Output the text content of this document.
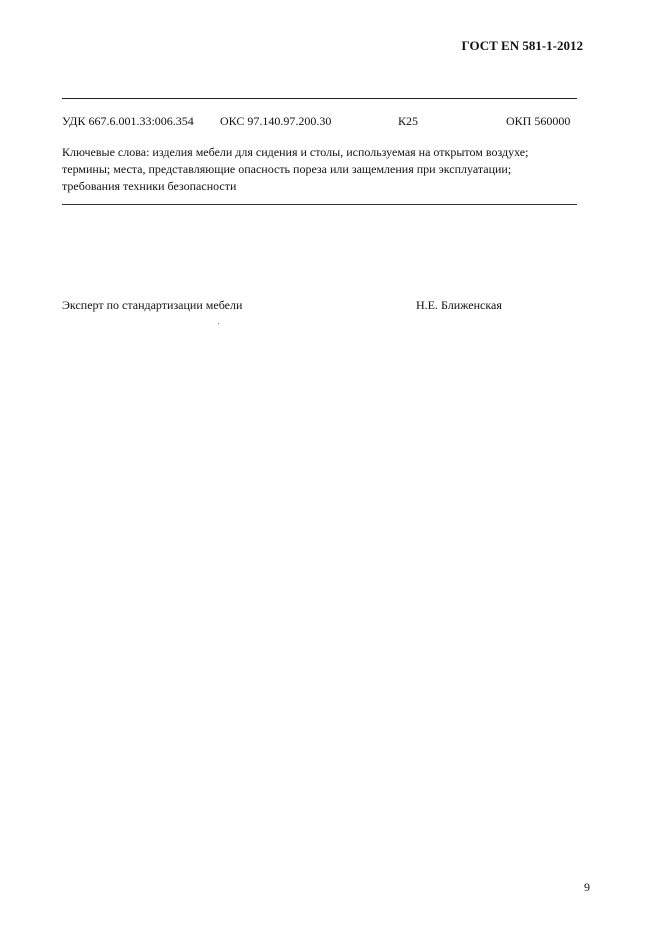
ГОСТ EN 581-1-2012
УДК 667.6.001.33:006.354 ОКС 97.140.97.200.30	К25	ОКП 560000
Ключевые слова: изделия мебели для сидения и столы, используемая на открытом воздухе;
термины; места, представляющие опасность пореза или защемления при эксплуатации;
требования техники безопасности
Эксперт по стандартизации мебели	Н.Е. Ближенская
9
